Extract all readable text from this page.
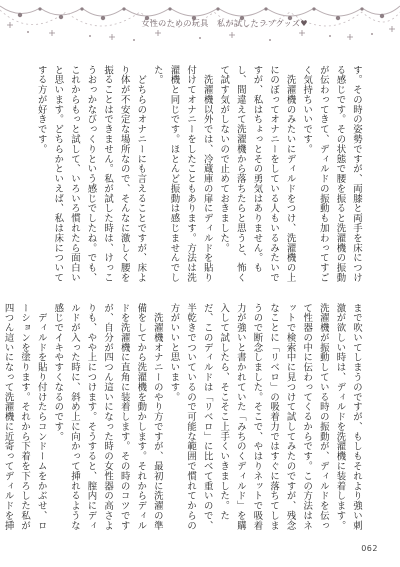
女性のための玩具　私が試したラブグッズ♥
す。その時の姿勢ですが、両膝と両手を床につける感じです。その状態で腰を振ると洗濯機の振動が伝わってきて、ディルドの振動も加わってすごく気持ちいいです。
　洗濯機のみたいにディルドをつけ、洗濯機の上にのぼってオナニーをしている人もいるみたいですが、私はちょっとその勇気はありません。もし、間違えて洗濯機から落ちたらと思うと、怖くて試す気がしないので止めておきました。
　洗濯機以外では、冷蔵庫の扉にディルドを貼り付けてオナニーをしたこともあります。方法は洗濯機と同じです。ほとんど振動は感じませんでした。
　どちらのオナニーにも言えることですが、床より体が不安定な場所なので、そんなに激しく腰を振ることはできません。私が試した時は、けっこうおっかなびっくりという感じでしたね。でも、これからもっと試して、いろいろ慣れたら面白いと思います。どちらかといえば、私は床についてする方が好きです。
まで吹いてしまうのですが、もしもそれより強い刺激が欲しい時は、ディルドを洗濯機に装着します。洗濯機が振動している時の振動が、ディルドを伝って性器の中に伝わってくるからです。この方法はネットで検索中に見つけて試してみたのですが、残念なことに「リベロ」の吸着力ではすぐに落ちてしまうので断念しました。そこで、やはりネットで吸着力が強いと書かれていた「みちのくディルド」を購入して試したら、そこそこ上手くいきました。ただ、このディルドは「リベロ」に比べて重いので、半乾きでついているので可能な範囲で慣れてからの方がいいと思います。
　洗濯機オナニーのやり方ですが、最初に洗濯の準備をしてから洗濯機を動かします。それからディルドを洗濯機に直角に装着します。その時のコツですが、自分が四つん這いになった時の女性器の高さよりも、やや上につけます。そうすると、膣内にディルドが入った時に、斜め上に向かって挿れるような感じでイキやすくなるのです。
　ディルドを貼り付けたらコンドームをかぶせ、ローションを塗ります。それから下着を下ろした私が四つん這いになって洗濯機に近寄ってディルドを挿
062
